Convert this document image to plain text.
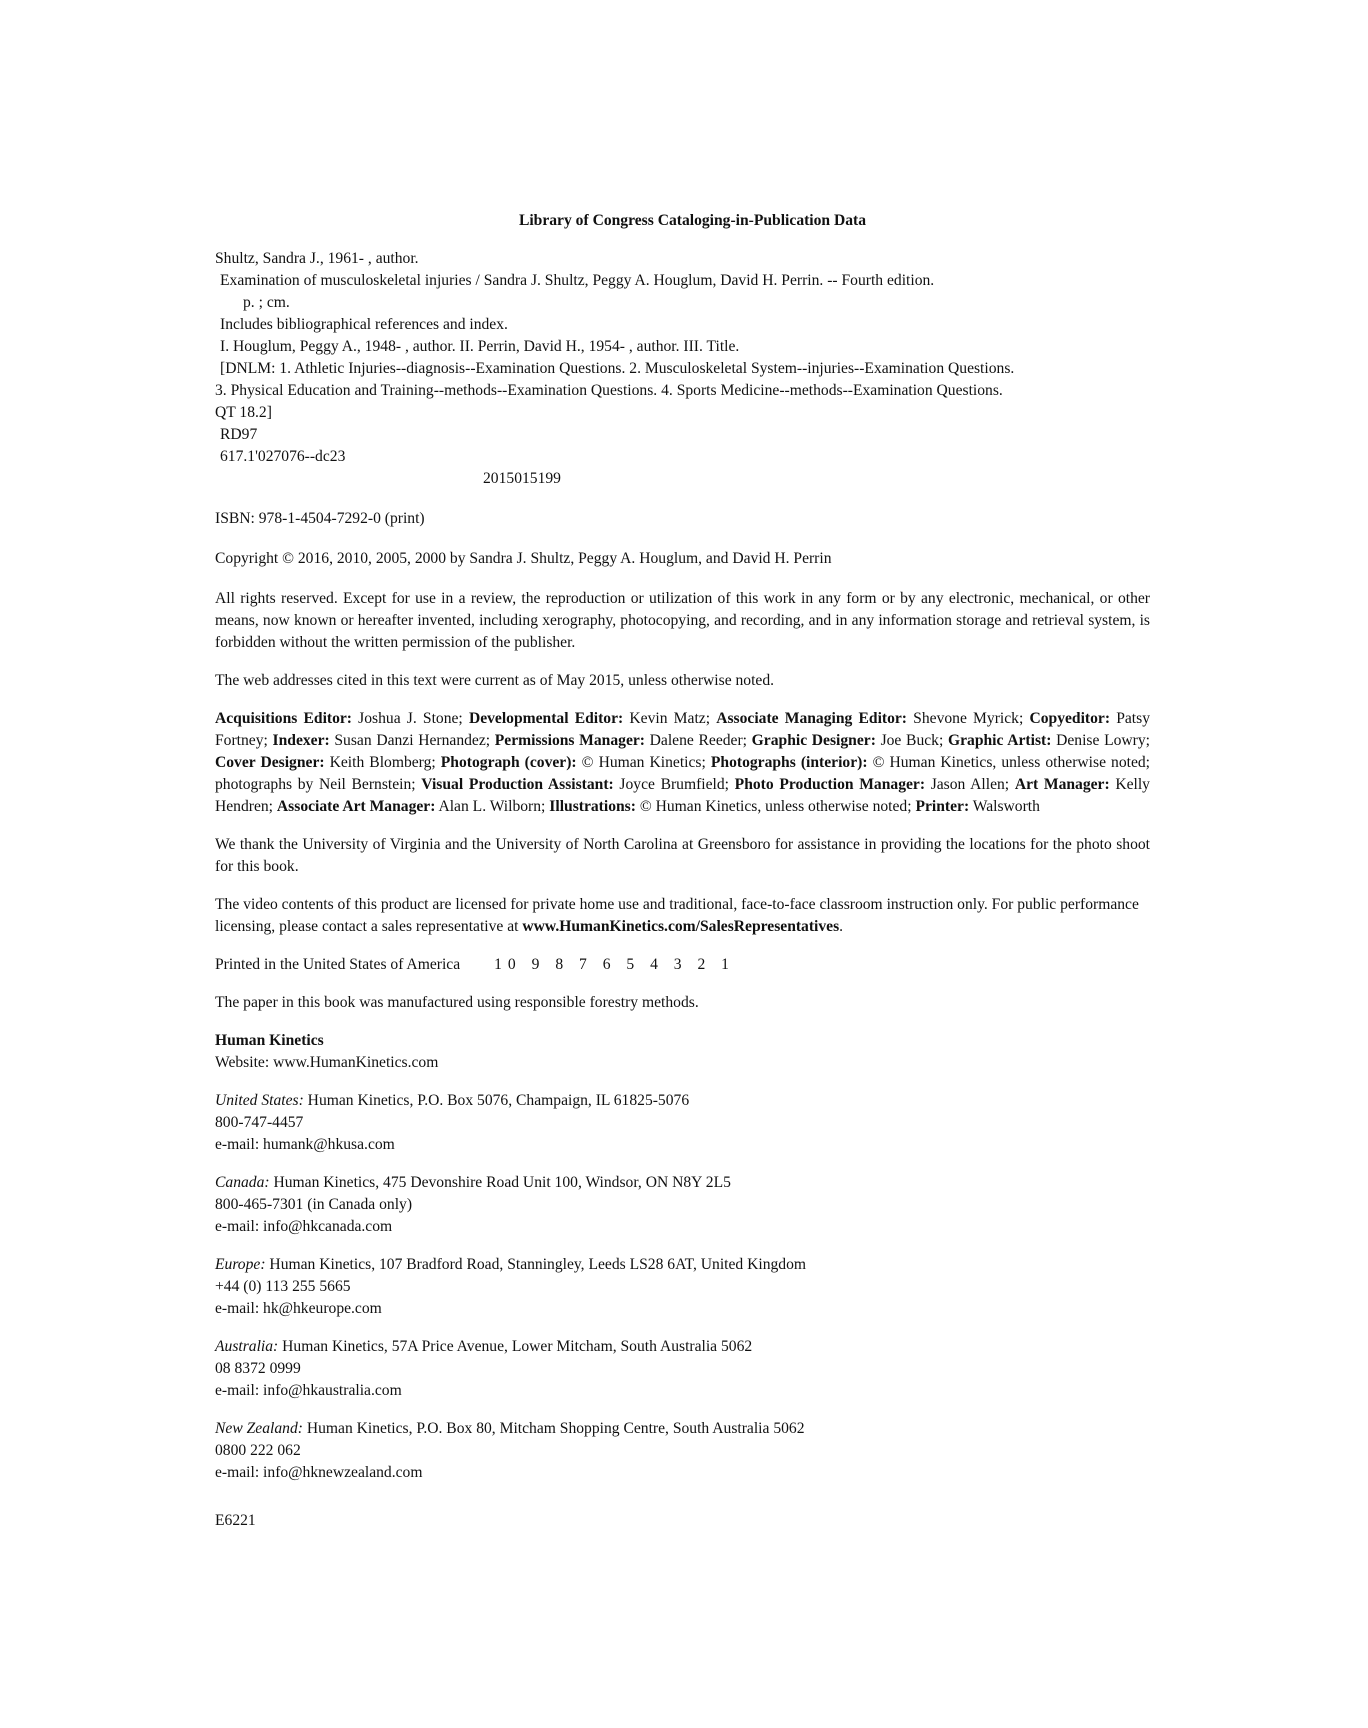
Library of Congress Cataloging-in-Publication Data
Shultz, Sandra J., 1961- , author.
Examination of musculoskeletal injuries / Sandra J. Shultz, Peggy A. Houglum, David H. Perrin. -- Fourth edition.
p. ; cm.
Includes bibliographical references and index.
I. Houglum, Peggy A., 1948- , author. II. Perrin, David H., 1954- , author. III. Title.
[DNLM: 1. Athletic Injuries--diagnosis--Examination Questions. 2. Musculoskeletal System--injuries--Examination Questions.
3. Physical Education and Training--methods--Examination Questions. 4. Sports Medicine--methods--Examination Questions.
QT 18.2]
RD97
617.1'027076--dc23
2015015199

ISBN: 978-1-4504-7292-0 (print)

Copyright © 2016, 2010, 2005, 2000 by Sandra J. Shultz, Peggy A. Houglum, and David H. Perrin

All rights reserved. Except for use in a review, the reproduction or utilization of this work in any form or by any electronic, mechanical, or other means, now known or hereafter invented, including xerography, photocopying, and recording, and in any information storage and retrieval system, is forbidden without the written permission of the publisher.

The web addresses cited in this text were current as of May 2015, unless otherwise noted.

Acquisitions Editor: Joshua J. Stone; Developmental Editor: Kevin Matz; Associate Managing Editor: Shevone Myrick; Copyeditor: Patsy Fortney; Indexer: Susan Danzi Hernandez; Permissions Manager: Dalene Reeder; Graphic Designer: Joe Buck; Graphic Artist: Denise Lowry; Cover Designer: Keith Blomberg; Photograph (cover): © Human Kinetics; Photographs (interior): © Human Kinetics, unless otherwise noted; photographs by Neil Bernstein; Visual Production Assistant: Joyce Brumfield; Photo Production Manager: Jason Allen; Art Manager: Kelly Hendren; Associate Art Manager: Alan L. Wilborn; Illustrations: © Human Kinetics, unless otherwise noted; Printer: Walsworth

We thank the University of Virginia and the University of North Carolina at Greensboro for assistance in providing the locations for the photo shoot for this book.

The video contents of this product are licensed for private home use and traditional, face-to-face classroom instruction only. For public performance licensing, please contact a sales representative at www.HumanKinetics.com/SalesRepresentatives.

Printed in the United States of America 10 9 8 7 6 5 4 3 2 1

The paper in this book was manufactured using responsible forestry methods.

Human Kinetics
Website: www.HumanKinetics.com
United States: Human Kinetics, P.O. Box 5076, Champaign, IL 61825-5076
800-747-4457
e-mail: humank@hkusa.com
Canada: Human Kinetics, 475 Devonshire Road Unit 100, Windsor, ON N8Y 2L5
800-465-7301 (in Canada only)
e-mail: info@hkcanada.com
Europe: Human Kinetics, 107 Bradford Road, Stanningley, Leeds LS28 6AT, United Kingdom
+44 (0) 113 255 5665
e-mail: hk@hkeurope.com
Australia: Human Kinetics, 57A Price Avenue, Lower Mitcham, South Australia 5062
08 8372 0999
e-mail: info@hkaustralia.com
New Zealand: Human Kinetics, P.O. Box 80, Mitcham Shopping Centre, South Australia 5062
0800 222 062
e-mail: info@hknewzealand.com

E6221
